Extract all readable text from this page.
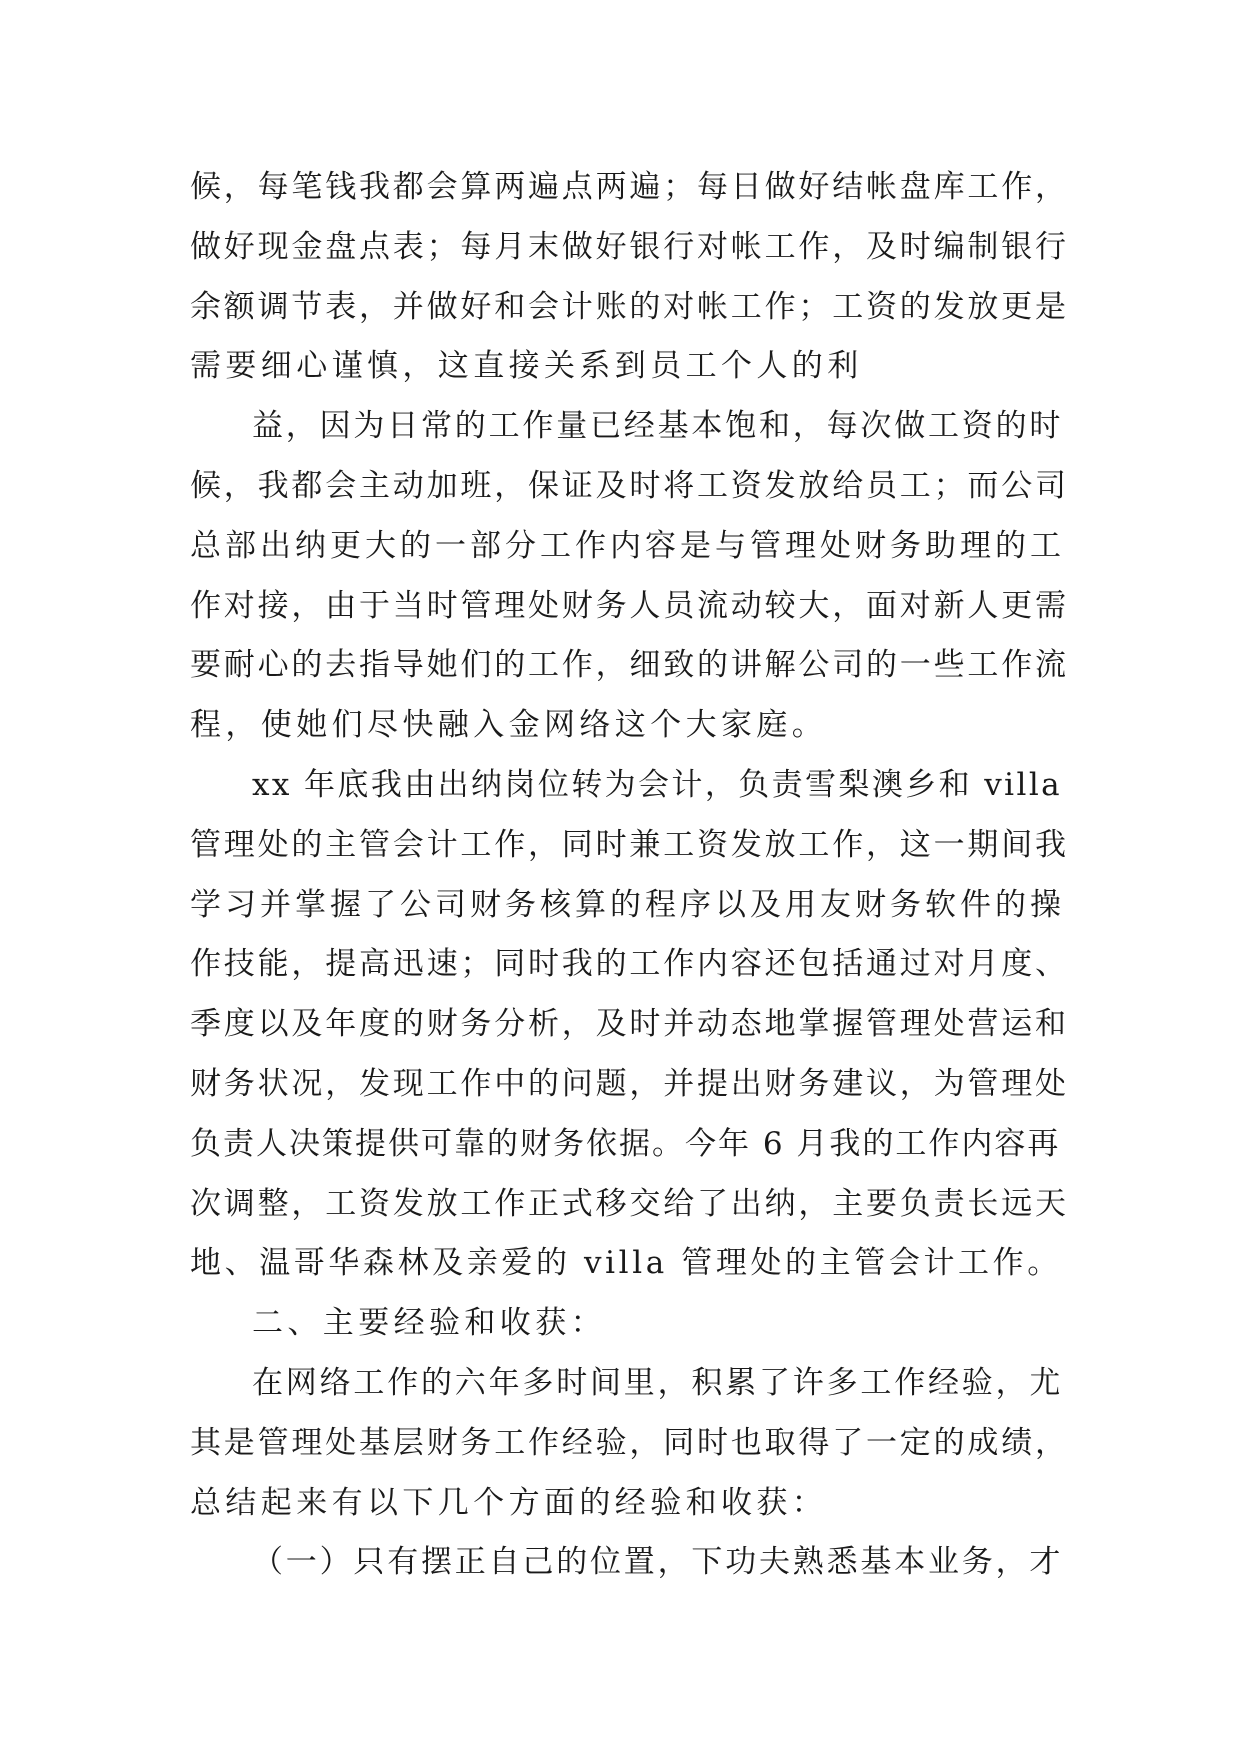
候，每笔钱我都会算两遍点两遍；每日做好结帐盘库工作，
做好现金盘点表；每月末做好银行对帐工作，及时编制银行
余额调节表，并做好和会计账的对帐工作；工资的发放更是
需要细心谨慎，这直接关系到员工个人的利
益，因为日常的工作量已经基本饱和，每次做工资的时
候，我都会主动加班，保证及时将工资发放给员工；而公司
总部出纳更大的一部分工作内容是与管理处财务助理的工
作对接，由于当时管理处财务人员流动较大，面对新人更需
要耐心的去指导她们的工作，细致的讲解公司的一些工作流
程，使她们尽快融入金网络这个大家庭。
xx 年底我由出纳岗位转为会计，负责雪梨澳乡和 villa
管理处的主管会计工作，同时兼工资发放工作，这一期间我
学习并掌握了公司财务核算的程序以及用友财务软件的操
作技能，提高迅速；同时我的工作内容还包括通过对月度、
季度以及年度的财务分析，及时并动态地掌握管理处营运和
财务状况，发现工作中的问题，并提出财务建议，为管理处
负责人决策提供可靠的财务依据。今年 6 月我的工作内容再
次调整，工资发放工作正式移交给了出纳，主要负责长远天
地、温哥华森林及亲爱的 villa 管理处的主管会计工作。
二、主要经验和收获：
在网络工作的六年多时间里，积累了许多工作经验，尤
其是管理处基层财务工作经验，同时也取得了一定的成绩，
总结起来有以下几个方面的经验和收获：
（一）只有摆正自己的位置，下功夫熟悉基本业务，才
